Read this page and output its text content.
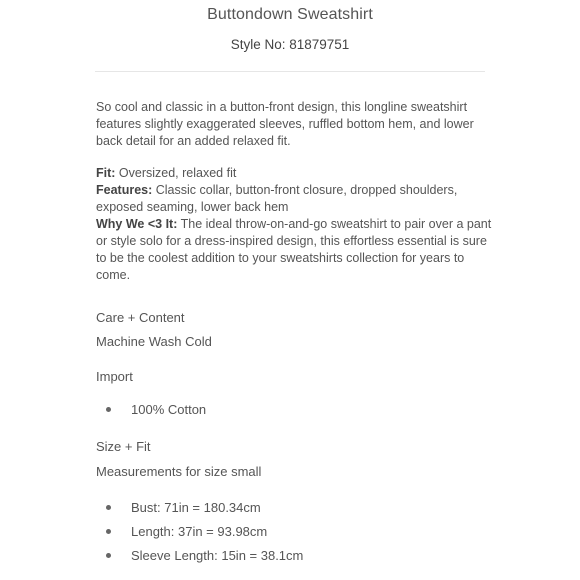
Buttondown Sweatshirt
Style No: 81879751

So cool and classic in a button-front design, this longline sweatshirt features slightly exaggerated sleeves, ruffled bottom hem, and lower back detail for an added relaxed fit.

Fit: Oversized, relaxed fit

Features: Classic collar, button-front closure, dropped shoulders, exposed seaming, lower back hem

Why We <3 It: The ideal throw-on-and-go sweatshirt to pair over a pant or style solo for a dress-inspired design, this effortless essential is sure to be the coolest addition to your sweatshirts collection for years to come.

Care + Content
Machine Wash Cold
Import
100% Cotton
Size + Fit
Measurements for size small
Bust: 71in = 180.34cm
Length: 37in = 93.98cm
Sleeve Length: 15in = 38.1cm
